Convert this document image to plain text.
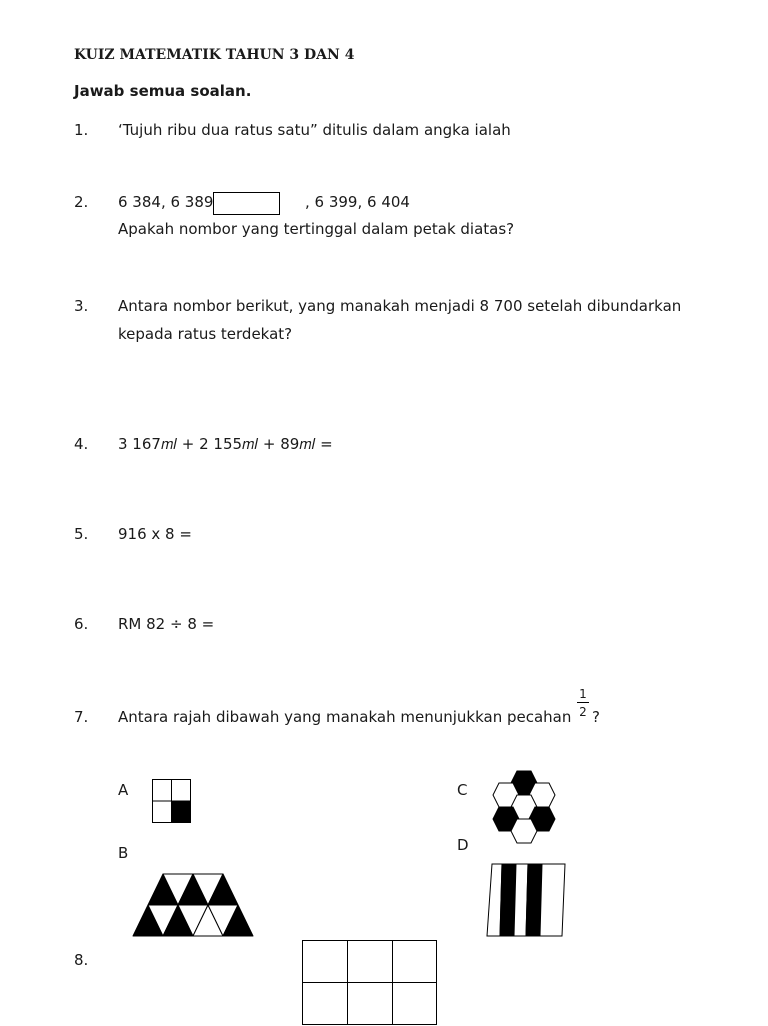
KUIZ MATEMATIK TAHUN 3 DAN 4
Jawab semua soalan.
1. ‘Tujuh ribu dua ratus satu” ditulis dalam angka ialah
2. 6 384, 6 389	, 6 399, 6 404
Apakah nombor yang tertinggal dalam petak diatas?
3. Antara nombor berikut, yang manakah menjadi 8 700 setelah dibundarkan
kepada ratus terdekat?
4. 3 167𝑚𝑙 + 2 155𝑚𝑙 + 89𝑚𝑙 =
5. 916 x 8 =
6. RM 82 ÷ 8 =
7. Antara rajah dibawah yang manakah menunjukkan pecahan
1
2 ?
A
B
C
D
8.
